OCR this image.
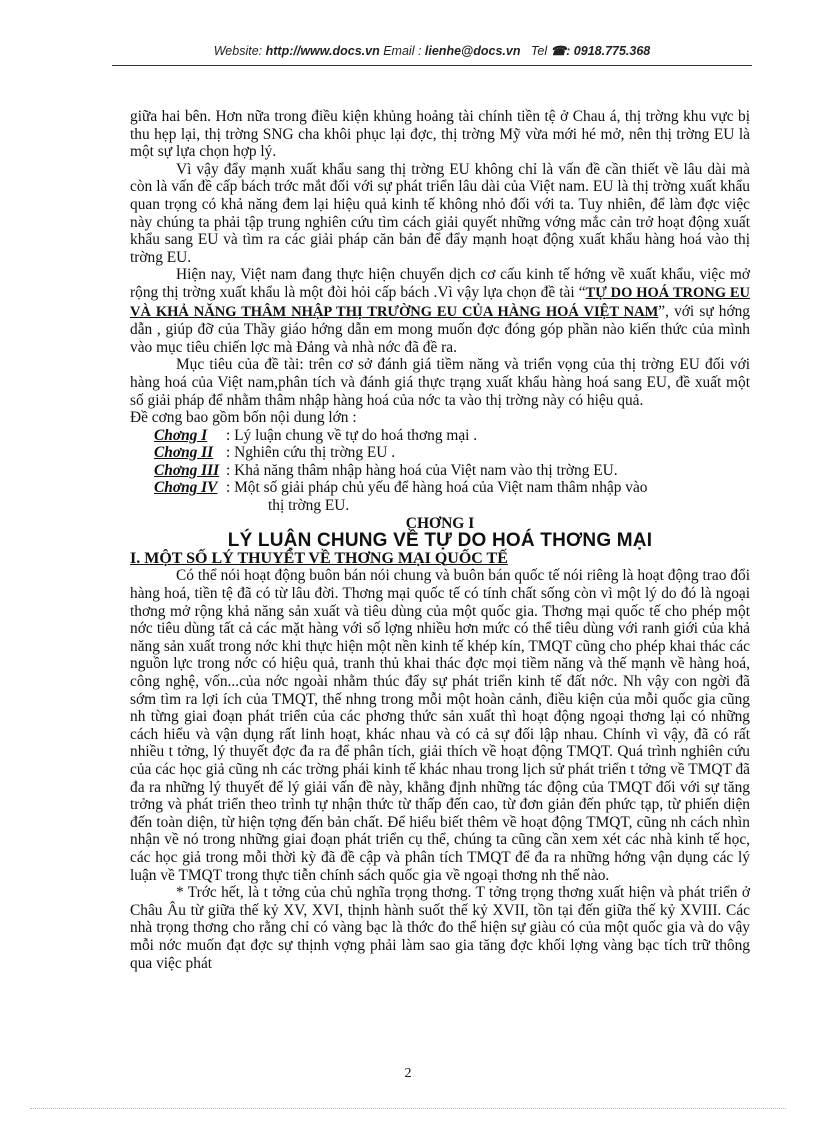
Website: http://www.docs.vn Email : lienhe@docs.vn Tel ☎: 0918.775.368

giữa hai bên. Hơn nữa trong điều kiện khủng hoảng tài chính tiền tệ ở Chau á, thị trờng khu vực bị thu hẹp lại, thị trờng SNG cha khôi phục lại đợc, thị trờng Mỹ vừa mới hé mở, nên thị trờng EU là một sự lựa chọn hợp lý.

Vì vậy đẩy mạnh xuất khẩu sang thị trờng EU không chỉ là vấn đề cần thiết về lâu dài mà còn là vấn đề cấp bách trớc mắt đối với sự phát triển lâu dài của Việt nam. EU là thị trờng xuất khẩu quan trọng có khả năng đem lại hiệu quả kinh tế không nhỏ đối với ta. Tuy nhiên, để làm đợc việc này chúng ta phải tập trung nghiên cứu tìm cách giải quyết những vớng mắc cản trở hoạt động xuất khẩu sang EU và tìm ra các giải pháp căn bản để đẩy mạnh hoạt động xuất khẩu hàng hoá vào thị trờng EU.

Hiện nay, Việt nam đang thực hiện chuyển dịch cơ cấu kinh tế hớng về xuất khẩu, việc mở rộng thị trờng xuất khẩu là một đòi hỏi cấp bách .Vì vậy lựa chọn đề tài “TỰ DO HOÁ TRONG EU VÀ KHẢ NĂNG THÂM NHẬP THỊ TRƯỜNG EU CỦA HÀNG HOÁ VIỆT NAM”, với sự hớng dẫn , giúp đỡ của Thầy giáo hớng dẫn em mong muốn đợc đóng góp phần nào kiến thức của mình vào mục tiêu chiến lợc mà Đảng và nhà nớc đã đề ra.

Mục tiêu của đề tài: trên cơ sở đánh giá tiềm năng và triển vọng của thị trờng EU đối với hàng hoá của Việt nam,phân tích và đánh giá thực trạng xuất khẩu hàng hoá sang EU, đề xuất một số giải pháp để nhằm thâm nhập hàng hoá của nớc ta vào thị trờng này có hiệu quả.

Đề cơng bao gồm bốn nội dung lớn :

Chơng I : Lý luận chung về tự do hoá thơng mại .

Chơng II : Nghiên cứu thị trờng EU .

Chơng III : Khả năng thâm nhập hàng hoá của Việt nam vào thị trờng EU.

Chơng IV : Một số giải pháp chủ yếu để hàng hoá của Việt nam thâm nhập vào

thị trờng EU.

CHƠNG I

LÝ LUẬN CHUNG VỀ TỰ DO HOÁ THƠNG MẠI

I. MỘT SỐ LÝ THUYẾT VỀ THƠNG MẠI QUỐC TẾ

Có thể nói hoạt động buôn bán nói chung và buôn bán quốc tế nói riêng là hoạt động trao đổi hàng hoá, tiền tệ đã có từ lâu đời. Thơng mại quốc tế có tính chất sống còn vì một lý do đó là ngoại thơng mở rộng khả năng sản xuất và tiêu dùng của một quốc gia. Thơng mại quốc tế cho phép một nớc tiêu dùng tất cả các mặt hàng với số lợng nhiều hơn mức có thể tiêu dùng với ranh giới của khả năng sản xuất trong nớc khi thực hiện một nền kinh tế khép kín, TMQT cũng cho phép khai thác các nguồn lực trong nớc có hiệu quả, tranh thủ khai thác đợc mọi tiềm năng và thế mạnh về hàng hoá, công nghệ, vốn...của nớc ngoài nhằm thúc đẩy sự phát triển kinh tế đất nớc. Nh vậy con ngời đã sớm tìm ra lợi ích của TMQT, thế nhng trong mỗi một hoàn cảnh, điều kiện của mỗi quốc gia cũng nh từng giai đoạn phát triển của các phơng thức sản xuất thì hoạt động ngoại thơng lại có những cách hiểu và vận dụng rất linh hoạt, khác nhau và có cả sự đối lập nhau. Chính vì vậy, đã có rất nhiều t tởng, lý thuyết đợc đa ra để phân tích, giải thích về hoạt động TMQT. Quá trình nghiên cứu của các học giả cũng nh các trờng phái kinh tế khác nhau trong lịch sử phát triển t tởng về TMQT đã đa ra những lý thuyết để lý giải vấn đề này, khẳng định những tác động của TMQT đối với sự tăng trởng và phát triển theo trình tự nhận thức từ thấp đến cao, từ đơn giản đến phức tạp, từ phiến diện đến toàn diện, từ hiện tợng đến bản chất. Để hiểu biết thêm về hoạt động TMQT, cũng nh cách nhìn nhận về nó trong những giai đoạn phát triển cụ thể, chúng ta cũng cần xem xét các nhà kinh tế học, các học giả trong mỗi thời kỳ đã đề cập và phân tích TMQT để đa ra những hớng vận dụng các lý luận về TMQT trong thực tiễn chính sách quốc gia về ngoại thơng nh thế nào.

* Trớc hết, là t tởng của chủ nghĩa trọng thơng. T tởng trọng thơng xuất hiện và phát triển ở Châu Âu từ giữa thế kỷ XV, XVI, thịnh hành suốt thế kỷ XVII, tồn tại đến giữa thế kỷ XVIII. Các nhà trọng thơng cho rằng chỉ có vàng bạc là thớc đo thể hiện sự giàu có của một quốc gia và do vậy mỗi nớc muốn đạt đợc sự thịnh vợng phải làm sao gia tăng đợc khối lợng vàng bạc tích trữ thông qua việc phát

2
